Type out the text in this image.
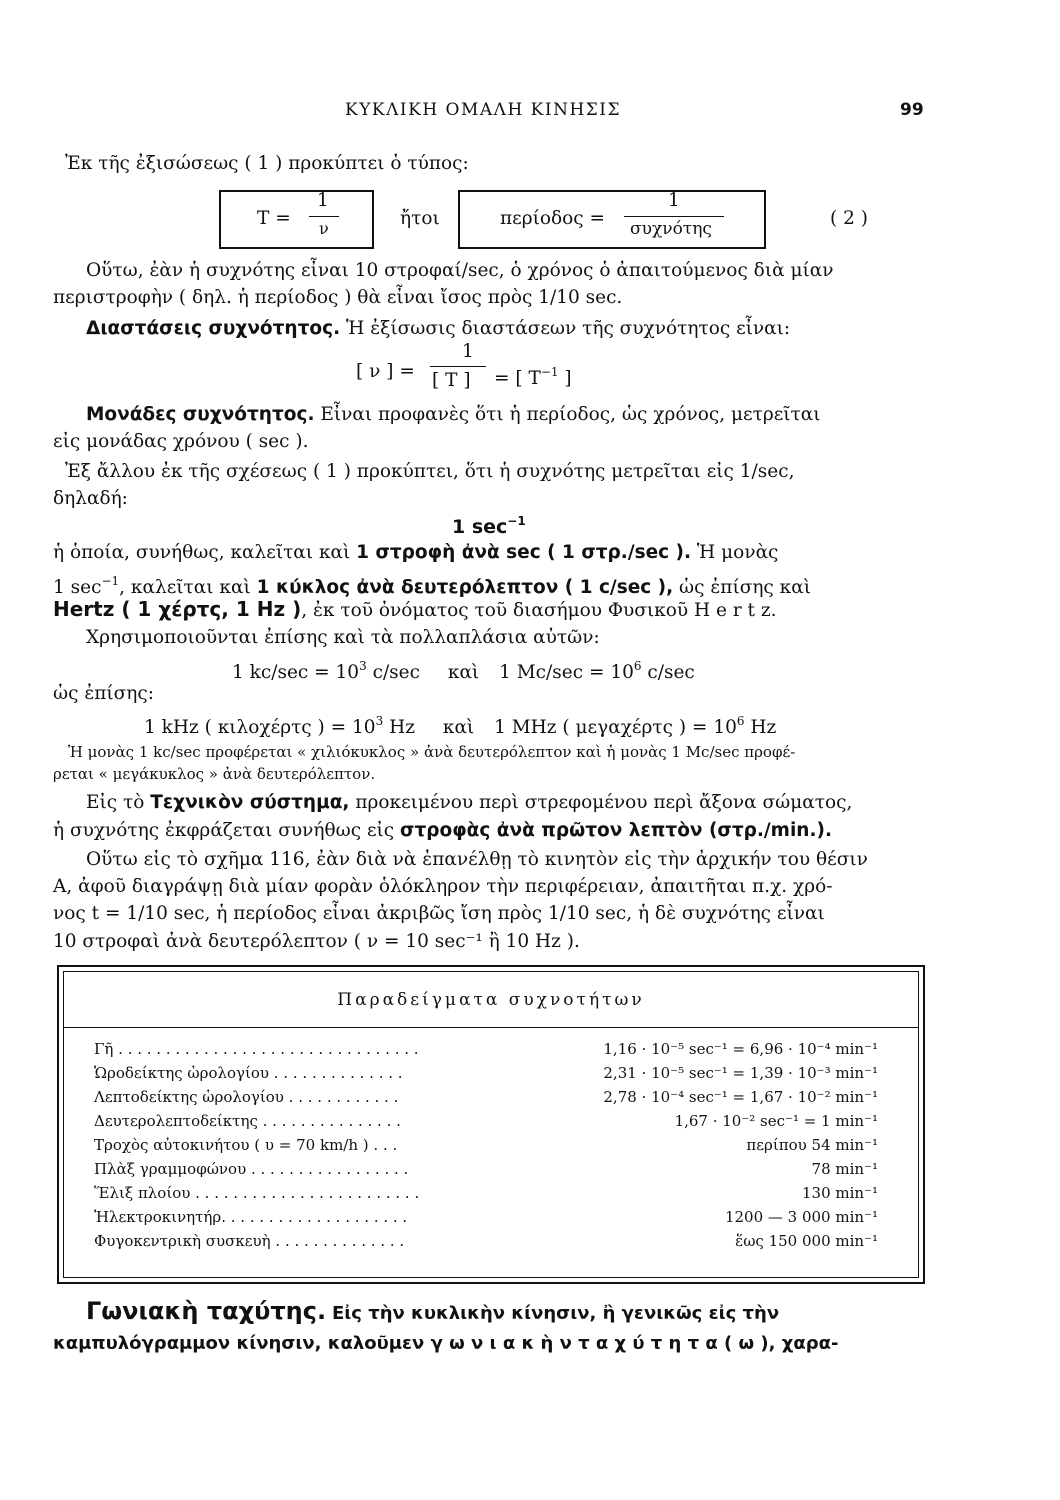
ΚΥΚΛΙΚΗ ΟΜΑΛΗ ΚΙΝΗΣΙΣ	99
Ἐκ τῆς ἐξισώσεως ( 1 ) προκύπτει ὁ τύπος:
T =
1
ν	ἤτοι	περίοδος =
1
συχνότης	( 2 )
Οὕτω, ἐὰν ἡ συχνότης εἶναι 10 στροφαί/sec, ὁ χρόνος ὁ ἀπαιτούμενος διὰ μίαν
περιστροφὴν ( δηλ. ἡ περίοδος ) θὰ εἶναι ἴσος πρὸς 1/10 sec.
Διαστάσεις συχνότητος. Ἡ ἐξίσωσις διαστάσεων τῆς συχνότητος εἶναι:
[ ν ] =
1
[ T ] = [ $T^{-1}$ ]
Μονάδες συχνότητος. Εἶναι προφανὲς ὅτι ἡ περίοδος, ὡς χρόνος, μετρεῖται
εἰς μονάδας χρόνου ( sec ).
Ἐξ ἄλλου ἐκ τῆς σχέσεως ( 1 ) προκύπτει, ὅτι ἡ συχνότης μετρεῖται εἰς 1/sec,
δηλαδή:
1 $\sec^{-1}$
ἡ ὁποία, συνήθως, καλεῖται καὶ 1 στροφὴ ἀνὰ sec ( 1 στρ./sec ). Ἡ μονὰς
1 $\sec^{-1}$, καλεῖται καὶ 1 κύκλος ἀνὰ δευτερόλεπτον ( 1 c/sec ), ὡς ἐπίσης καὶ
Hertz ( 1 χέρτς, 1 Hz ), ἐκ τοῦ ὀνόματος τοῦ διασήμου Φυσικοῦ H e r t z.
Χρησιμοποιοῦνται ἐπίσης καὶ τὰ πολλαπλάσια αὐτῶν:
1 $kc/\sec = 10^3$ c/sec καὶ 1 $Mc/\sec = 10^6$ c/sec
ὡς ἐπίσης:
1 kHz ( κιλοχέρτς ) = $10^3$ Hz καὶ 1 MHz ( μεγαχέρτς ) = $10^6$ Hz
Ἡ μονὰς 1 kc/sec προφέρεται « χιλιόκυκλος » ἀνὰ δευτερόλεπτον καὶ ἡ μονὰς 1 Mc/sec προφέ-
ρεται « μεγάκυκλος » ἀνὰ δευτερόλεπτον.
Εἰς τὸ Τεχνικὸν σύστημα, προκειμένου περὶ στρεφομένου περὶ ἄξονα σώματος,
ἡ συχνότης ἐκφράζεται συνήθως εἰς στροφὰς ἀνὰ πρῶτον λεπτὸν (στρ./min.).
Οὕτω εἰς τὸ σχῆμα 116, ἐὰν διὰ νὰ ἐπανέλθῃ τὸ κινητὸν εἰς τὴν ἀρχικήν του θέσιν
A, ἀφοῦ διαγράψῃ διὰ μίαν φορὰν ὁλόκληρον τὴν περιφέρειαν, ἀπαιτῆται π.χ. χρό-
νος t = 1/10 sec, ἡ περίοδος εἶναι ἀκριβῶς ἴση πρὸς 1/10 sec, ἡ δὲ συχνότης εἶναι
10 στροφαὶ ἀνὰ δευτερόλεπτον ( ν = 10 sec⁻¹ ἢ 10 Hz ).
Παραδείγματα συχνοτήτων
Γῆ . . . . . . . . . . . . . . . . . . . . . . . . . . . . . . . .	1,16 · 10⁻⁵ sec⁻¹ = 6,96 · 10⁻⁴ min⁻¹
Ὡροδείκτης ὡρολογίου . . . . . . . . . . . . . .	2,31 · 10⁻⁵ sec⁻¹ = 1,39 · 10⁻³ min⁻¹
Λεπτοδείκτης ὡρολογίου . . . . . . . . . . . .	2,78 · 10⁻⁴ sec⁻¹ = 1,67 · 10⁻² min⁻¹
Δευτερολεπτοδείκτης . . . . . . . . . . . . . . .	1,67 · 10⁻² sec⁻¹ = 1 min⁻¹
Τροχὸς αὐτοκινήτου ( υ = 70 km/h ) . . .	περίπου 54 min⁻¹
Πλὰξ γραμμοφώνου . . . . . . . . . . . . . . . . .	78 min⁻¹
Ἕλιξ πλοίου . . . . . . . . . . . . . . . . . . . . . . . .	130 min⁻¹
Ἠλεκτροκινητήρ. . . . . . . . . . . . . . . . . . . .	1200 — 3 000 min⁻¹
Φυγοκεντρικὴ συσκευὴ . . . . . . . . . . . . . .	ἕως 150 000 min⁻¹
Γωνιακὴ ταχύτης. Εἰς τὴν κυκλικὴν κίνησιν, ἢ γενικῶς εἰς τὴν
καμπυλόγραμμον κίνησιν, καλοῦμεν γ ω ν ι α κ ὴ ν τ α χ ύ τ η τ α ( ω ), χαρα-
